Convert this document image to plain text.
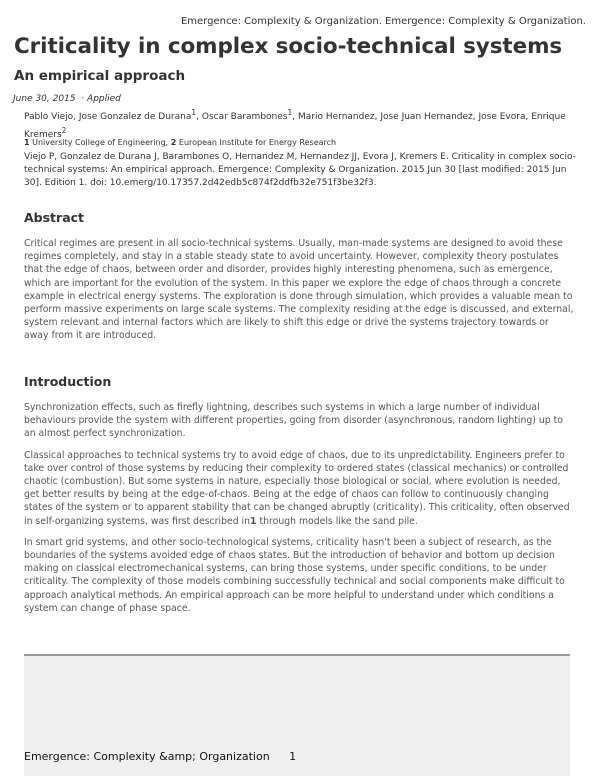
Emergence: Complexity & Organization. Emergence: Complexity & Organization.
Criticality in complex socio-technical systems
An empirical approach
June 30, 2015 · Applied
Pablo Viejo, Jose Gonzalez de Durana$^1$, Oscar Barambones$^1$, Mario Hernandez, Jose Juan Hernandez, Jose Evora, Enrique Kremers$^2$
1 University College of Engineering, 2 European Institute for Energy Research
Viejo P, Gonzalez de Durana J, Barambones O, Hernandez M, Hernandez JJ, Evora J, Kremers E. Criticality in complex socio-technical systems: An empirical approach. Emergence: Complexity & Organization. 2015 Jun 30 [last modified: 2015 Jun 30]. Edition 1. doi: 10.emerg/10.17357.2d42edb5c874f2ddfb32e751f3be32f3.
Abstract

Critical regimes are present in all socio-technical systems. Usually, man-made systems are designed to avoid these regimes completely, and stay in a stable steady state to avoid uncertainty. However, complexity theory postulates that the edge of chaos, between order and disorder, provides highly interesting phenomena, such as emergence, which are important for the evolution of the system. In this paper we explore the edge of chaos through a concrete example in electrical energy systems. The exploration is done through simulation, which provides a valuable mean to perform massive experiments on large scale systems. The complexity residing at the edge is discussed, and external, system relevant and internal factors which are likely to shift this edge or drive the systems trajectory towards or away from it are introduced.

Introduction

Synchronization effects, such as firefly lightning, describes such systems in which a large number of individual behaviours provide the system with different properties, going from disorder (asynchronous, random lighting) up to an almost perfect synchronization.

Classical approaches to technical systems try to avoid edge of chaos, due to its unpredictability. Engineers prefer to take over control of those systems by reducing their complexity to ordered states (classical mechanics) or controlled chaotic (combustion). But some systems in nature, especially those biological or social, where evolution is needed, get better results by being at the edge-of-chaos. Being at the edge of chaos can follow to continuously changing states of the system or to apparent stability that can be changed abruptly (criticality). This criticality, often observed in self-organizing systems, was first described in1 through models like the sand pile.

In smart grid systems, and other socio-technological systems, criticality hasn't been a subject of research, as the boundaries of the systems avoided edge of chaos states. But the introduction of behavior and bottom up decision making on classical electromechanical systems, can bring those systems, under specific conditions, to be under criticality. The complexity of those models combining successfully technical and social components make difficult to approach analytical methods. An empirical approach can be more helpful to understand under which conditions a system can change of phase space.

Emergence: Complexity &amp; Organization 1
